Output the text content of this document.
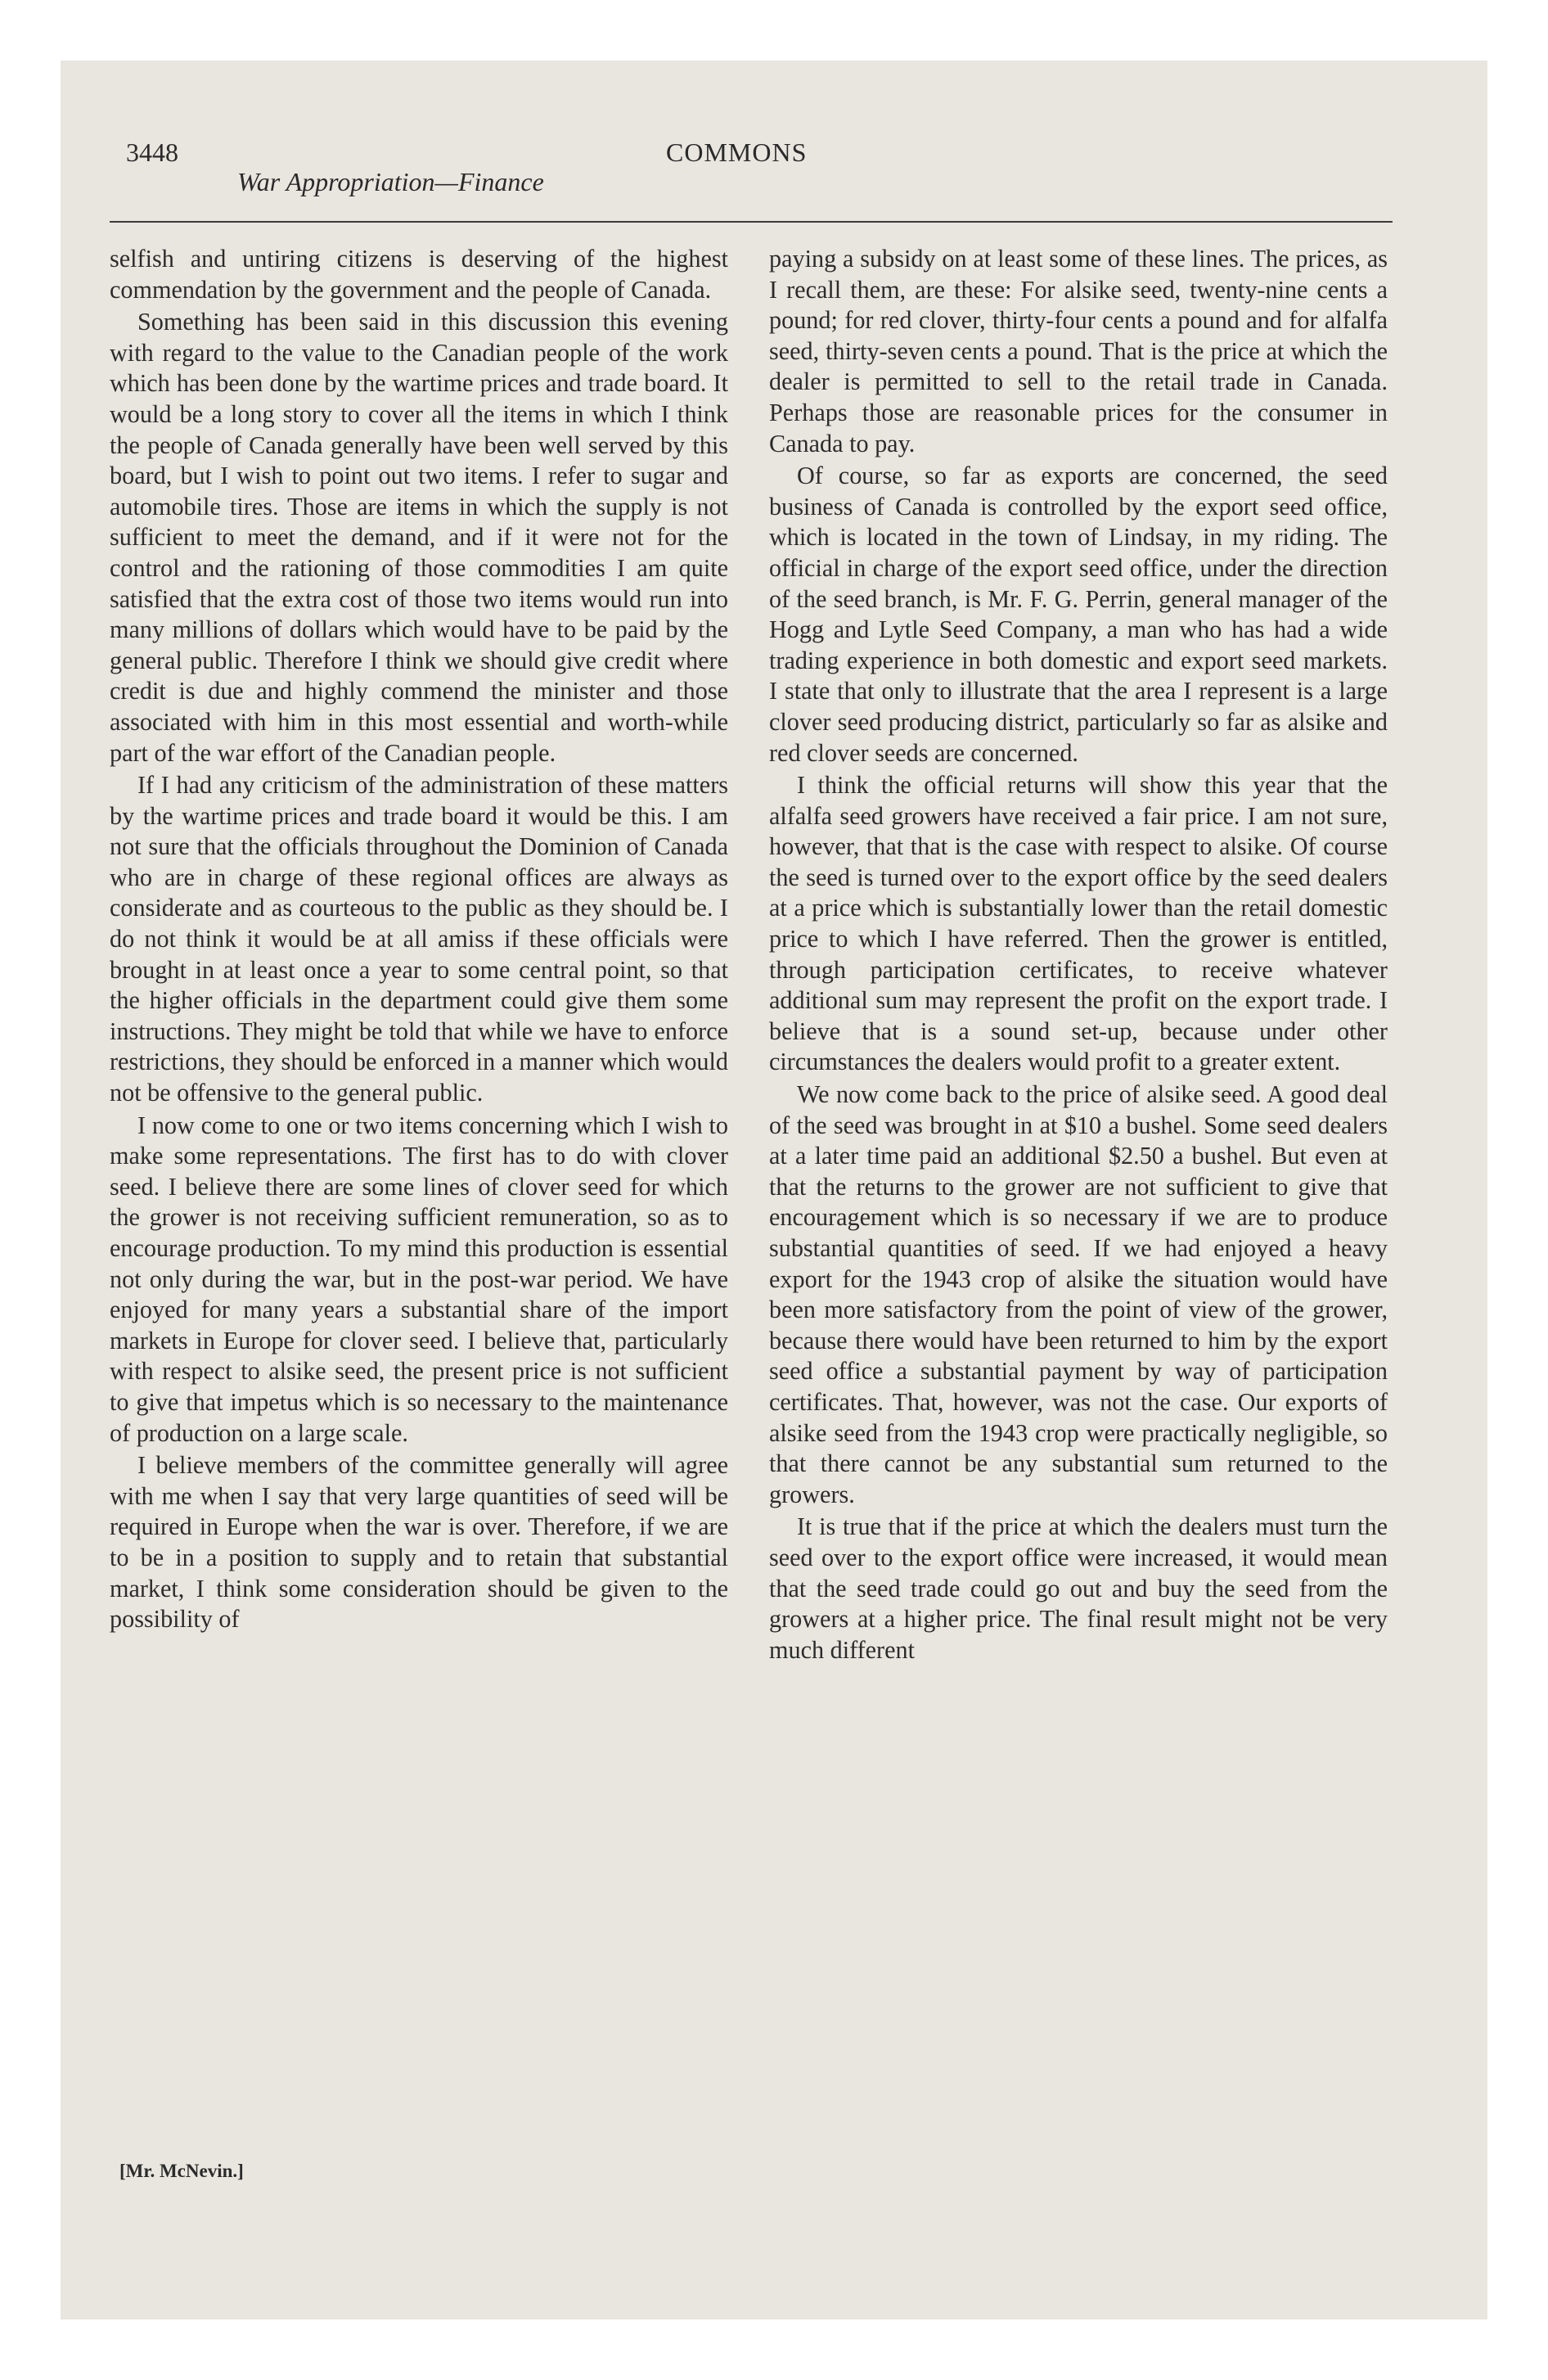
3448
War Appropriation—Finance
COMMONS

selfish and untiring citizens is deserving of the highest commendation by the government and the people of Canada.

Something has been said in this discussion this evening with regard to the value to the Canadian people of the work which has been done by the wartime prices and trade board. It would be a long story to cover all the items in which I think the people of Canada generally have been well served by this board, but I wish to point out two items. I refer to sugar and automobile tires. Those are items in which the supply is not sufficient to meet the demand, and if it were not for the control and the rationing of those commodities I am quite satisfied that the extra cost of those two items would run into many millions of dollars which would have to be paid by the general public. Therefore I think we should give credit where credit is due and highly commend the minister and those associated with him in this most essential and worth-while part of the war effort of the Canadian people.

If I had any criticism of the administration of these matters by the wartime prices and trade board it would be this. I am not sure that the officials throughout the Dominion of Canada who are in charge of these regional offices are always as considerate and as courteous to the public as they should be. I do not think it would be at all amiss if these officials were brought in at least once a year to some central point, so that the higher officials in the department could give them some instructions. They might be told that while we have to enforce restrictions, they should be enforced in a manner which would not be offensive to the general public.

I now come to one or two items concerning which I wish to make some representations. The first has to do with clover seed. I believe there are some lines of clover seed for which the grower is not receiving sufficient remuneration, so as to encourage production. To my mind this production is essential not only during the war, but in the post-war period. We have enjoyed for many years a substantial share of the import markets in Europe for clover seed. I believe that, particularly with respect to alsike seed, the present price is not sufficient to give that impetus which is so necessary to the maintenance of production on a large scale.

I believe members of the committee generally will agree with me when I say that very large quantities of seed will be required in Europe when the war is over. Therefore, if we are to be in a position to supply and to retain that substantial market, I think some consideration should be given to the possibility of

paying a subsidy on at least some of these lines. The prices, as I recall them, are these: For alsike seed, twenty-nine cents a pound; for red clover, thirty-four cents a pound and for alfalfa seed, thirty-seven cents a pound. That is the price at which the dealer is permitted to sell to the retail trade in Canada. Perhaps those are reasonable prices for the consumer in Canada to pay.

Of course, so far as exports are concerned, the seed business of Canada is controlled by the export seed office, which is located in the town of Lindsay, in my riding. The official in charge of the export seed office, under the direction of the seed branch, is Mr. F. G. Perrin, general manager of the Hogg and Lytle Seed Company, a man who has had a wide trading experience in both domestic and export seed markets. I state that only to illustrate that the area I represent is a large clover seed producing district, particularly so far as alsike and red clover seeds are concerned.

I think the official returns will show this year that the alfalfa seed growers have received a fair price. I am not sure, however, that that is the case with respect to alsike. Of course the seed is turned over to the export office by the seed dealers at a price which is substantially lower than the retail domestic price to which I have referred. Then the grower is entitled, through participation certificates, to receive whatever additional sum may represent the profit on the export trade. I believe that is a sound set-up, because under other circumstances the dealers would profit to a greater extent.

We now come back to the price of alsike seed. A good deal of the seed was brought in at $10 a bushel. Some seed dealers at a later time paid an additional $2.50 a bushel. But even at that the returns to the grower are not sufficient to give that encouragement which is so necessary if we are to produce substantial quantities of seed. If we had enjoyed a heavy export for the 1943 crop of alsike the situation would have been more satisfactory from the point of view of the grower, because there would have been returned to him by the export seed office a substantial payment by way of participation certificates. That, however, was not the case. Our exports of alsike seed from the 1943 crop were practically negligible, so that there cannot be any substantial sum returned to the growers.

It is true that if the price at which the dealers must turn the seed over to the export office were increased, it would mean that the seed trade could go out and buy the seed from the growers at a higher price. The final result might not be very much different

[Mr. McNevin.]
